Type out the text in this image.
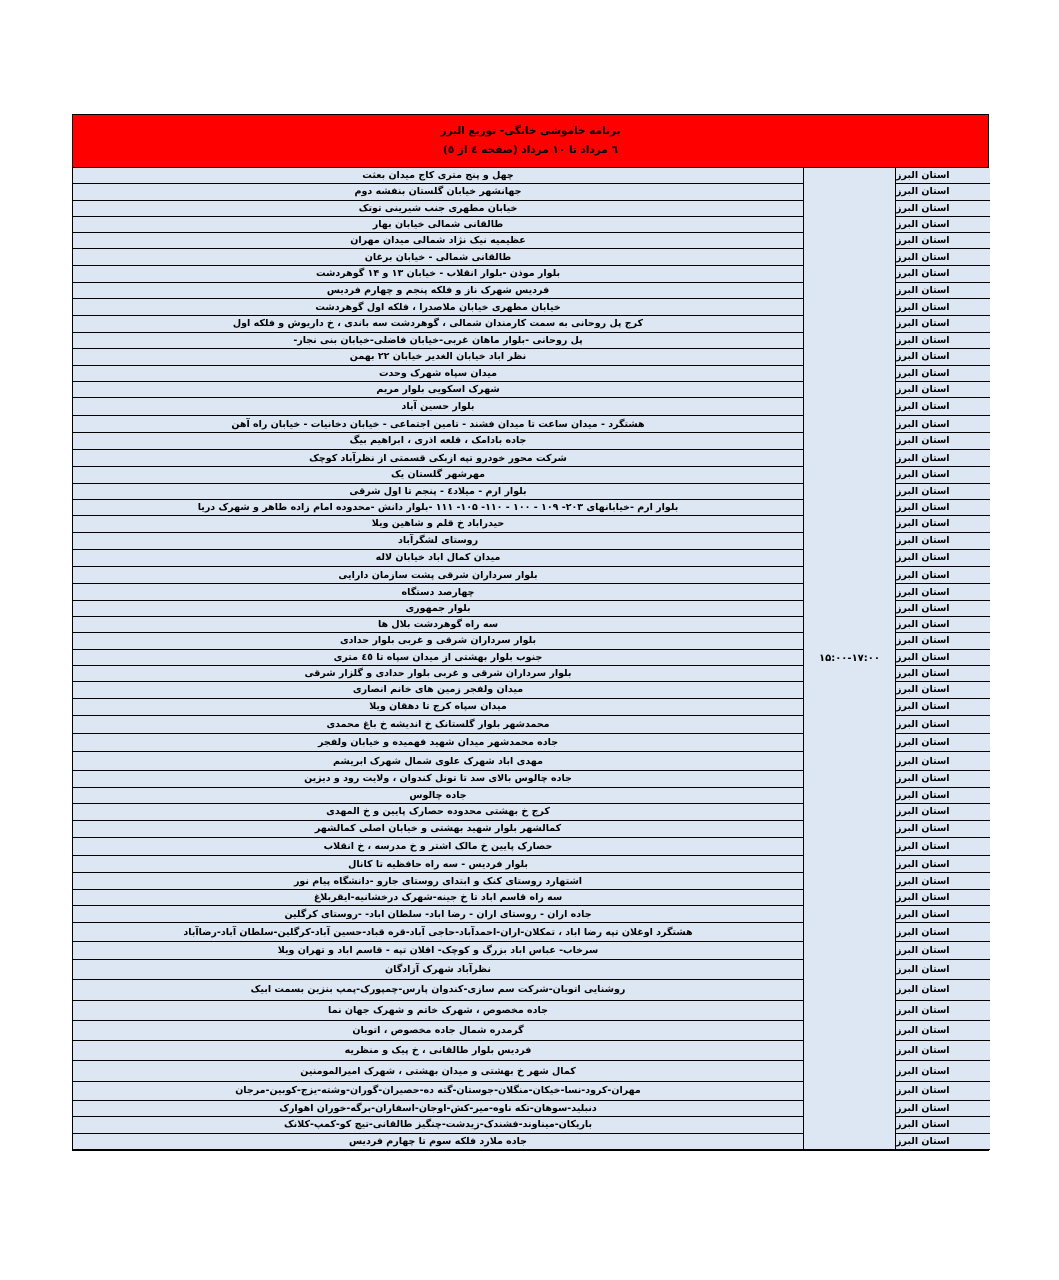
برنامه خاموشی خانگی- توزیع البرز
٦ مرداد تا ١٠ مرداد (صفحه ٤ از ٥)
۱۵:۰۰-۱۷:۰۰
چهل و پنج متری کاج میدان بعثت	استان البرز
جهانشهر خیابان گلستان بنفشه دوم	استان البرز
خیابان مطهری جنب شیرینی توتک	استان البرز
طالقانی شمالی خیابان بهار	استان البرز
عظیمیه نیک نژاد شمالی میدان مهران	استان البرز
طالقانی شمالی - خیابان برغان	استان البرز
بلوار موذن -بلوار انقلاب - خیابان ۱۳ و ۱۴ گوهردشت	استان البرز
فردیس شهرک ناز و فلکه پنجم و چهارم فردیس	استان البرز
خیابان مطهری خیابان ملاصدرا ، فلکه اول گوهردشت	استان البرز
کرج پل روحانی به سمت کارمندان شمالی ، گوهردشت سه باندی ، خ داریوش و فلکه اول	استان البرز
پل روحانی -بلوار ماهان غربی-خیابان فاضلی-خیابان بنی نجار-	استان البرز
نظر اباد خیابان الغدیر خیابان ۲۲ بهمن	استان البرز
میدان سپاه شهرک وحدت	استان البرز
شهرک اسکویی بلوار مریم	استان البرز
بلوار حسین آباد	استان البرز
هشتگرد - میدان ساعت تا میدان فشند - تامین اجتماعی - خیابان دخانیات - خیابان راه آهن	استان البرز
جاده بادامک ، قلعه اذری ، ابراهیم بیگ	استان البرز
شرکت محور خودرو تپه ازبکی قسمتی از نظرآباد کوچک	استان البرز
مهرشهر گلستان یک	استان البرز
بلوار ارم - میلاد٤ - پنجم تا اول شرقی	استان البرز
بلوار ارم -خیابانهای ۲۰۳- ۱۰۹ - ۱۰۰ - ۱۱۰- ۱۰۵- ۱۱۱ -بلوار دانش -محدوده امام زاده طاهر و شهرک دریا	استان البرز
حیدراباد خ قلم و شاهین ویلا	استان البرز
روستای لشگرآباد	استان البرز
میدان کمال اباد خیابان لاله	استان البرز
بلوار سرداران شرقی پشت سازمان دارایی	استان البرز
چهارصد دستگاه	استان البرز
بلوار جمهوری	استان البرز
سه راه گوهردشت بلال ها	استان البرز
بلوار سرداران شرقی و غربی بلوار حدادی	استان البرز
جنوب بلوار بهشتی از میدان سپاه تا ٤٥ متری	استان البرز
بلوار سرداران شرقی و غربی بلوار حدادی و گلزار شرقی	استان البرز
میدان ولفجر زمین های خانم انصاری	استان البرز
میدان سپاه کرج تا دهقان ویلا	استان البرز
محمدشهر بلوار گلستانک خ اندیشه خ باغ محمدی	استان البرز
جاده محمدشهر میدان شهید فهمیده و خیابان ولفجر	استان البرز
مهدی اباد شهرک علوی شمال شهرک ابریشم	استان البرز
جاده چالوس بالای سد تا تونل کندوان ، ولایت رود و دیزین	استان البرز
جاده چالوس	استان البرز
کرج خ بهشتی محدوده حصارک پایین و خ المهدی	استان البرز
کمالشهر بلوار شهید بهشتی و خیابان اصلی کمالشهر	استان البرز
حصارک پایین خ مالک اشتر و خ مدرسه ، خ انقلاب	استان البرز
بلوار فردیس - سه راه حافظیه تا کانال	استان البرز
اشتهارد روستای کنک و ابتدای روستای جارو -دانشگاه پیام نور	استان البرز
سه راه قاسم اباد تا خ جینه-شهرک درخشانیه-ایقربلاغ	استان البرز
جاده اران - روستای اران - رضا اباد- سلطان اباد- -روستای کرگلین	استان البرز
هشتگرد اوغلان تپه رضا اباد ، تمکلان-اران-احمدآباد-حاجی آباد-قره قباد-حسین آباد-کرگلین-سلطان آباد-رضاآباد	استان البرز
سرخاب- عباس اباد بزرگ و کوچک- اقلان تپه - قاسم اباد و تهران ویلا	استان البرز
نظرآباد شهرک آزادگان	استان البرز
روشنایی اتوبان-شرکت سم سازی-کندوان پارس-چمپورک-پمپ بنزین بسمت ابیک	استان البرز
جاده مخصوص ، شهرک خاتم و شهرک جهان نما	استان البرز
گرمدره شمال جاده مخصوص ، اتوبان	استان البرز
فردیس بلوار طالقانی ، خ پیک و منظریه	استان البرز
کمال شهر خ بهشتی و میدان بهشتی ، شهرک امیرالمومنین	استان البرز
مهران-کرود-نسا-خیکان-منگلان-جوستان-گته ده-حصیران-گوران-وشته-یزج-کوبین-مرجان	استان البرز
دنبلید-سوهان-تکه ناوه-میر-کش-اوجان-اسفاران-برگه-خوران اهوارک	استان البرز
باریکان-میناوند-فشندک-زیدشت-چنگیز طالقانی-تیچ کو-کمپ-کلانک	استان البرز
جاده ملارد فلکه سوم تا چهارم فردیس	استان البرز
